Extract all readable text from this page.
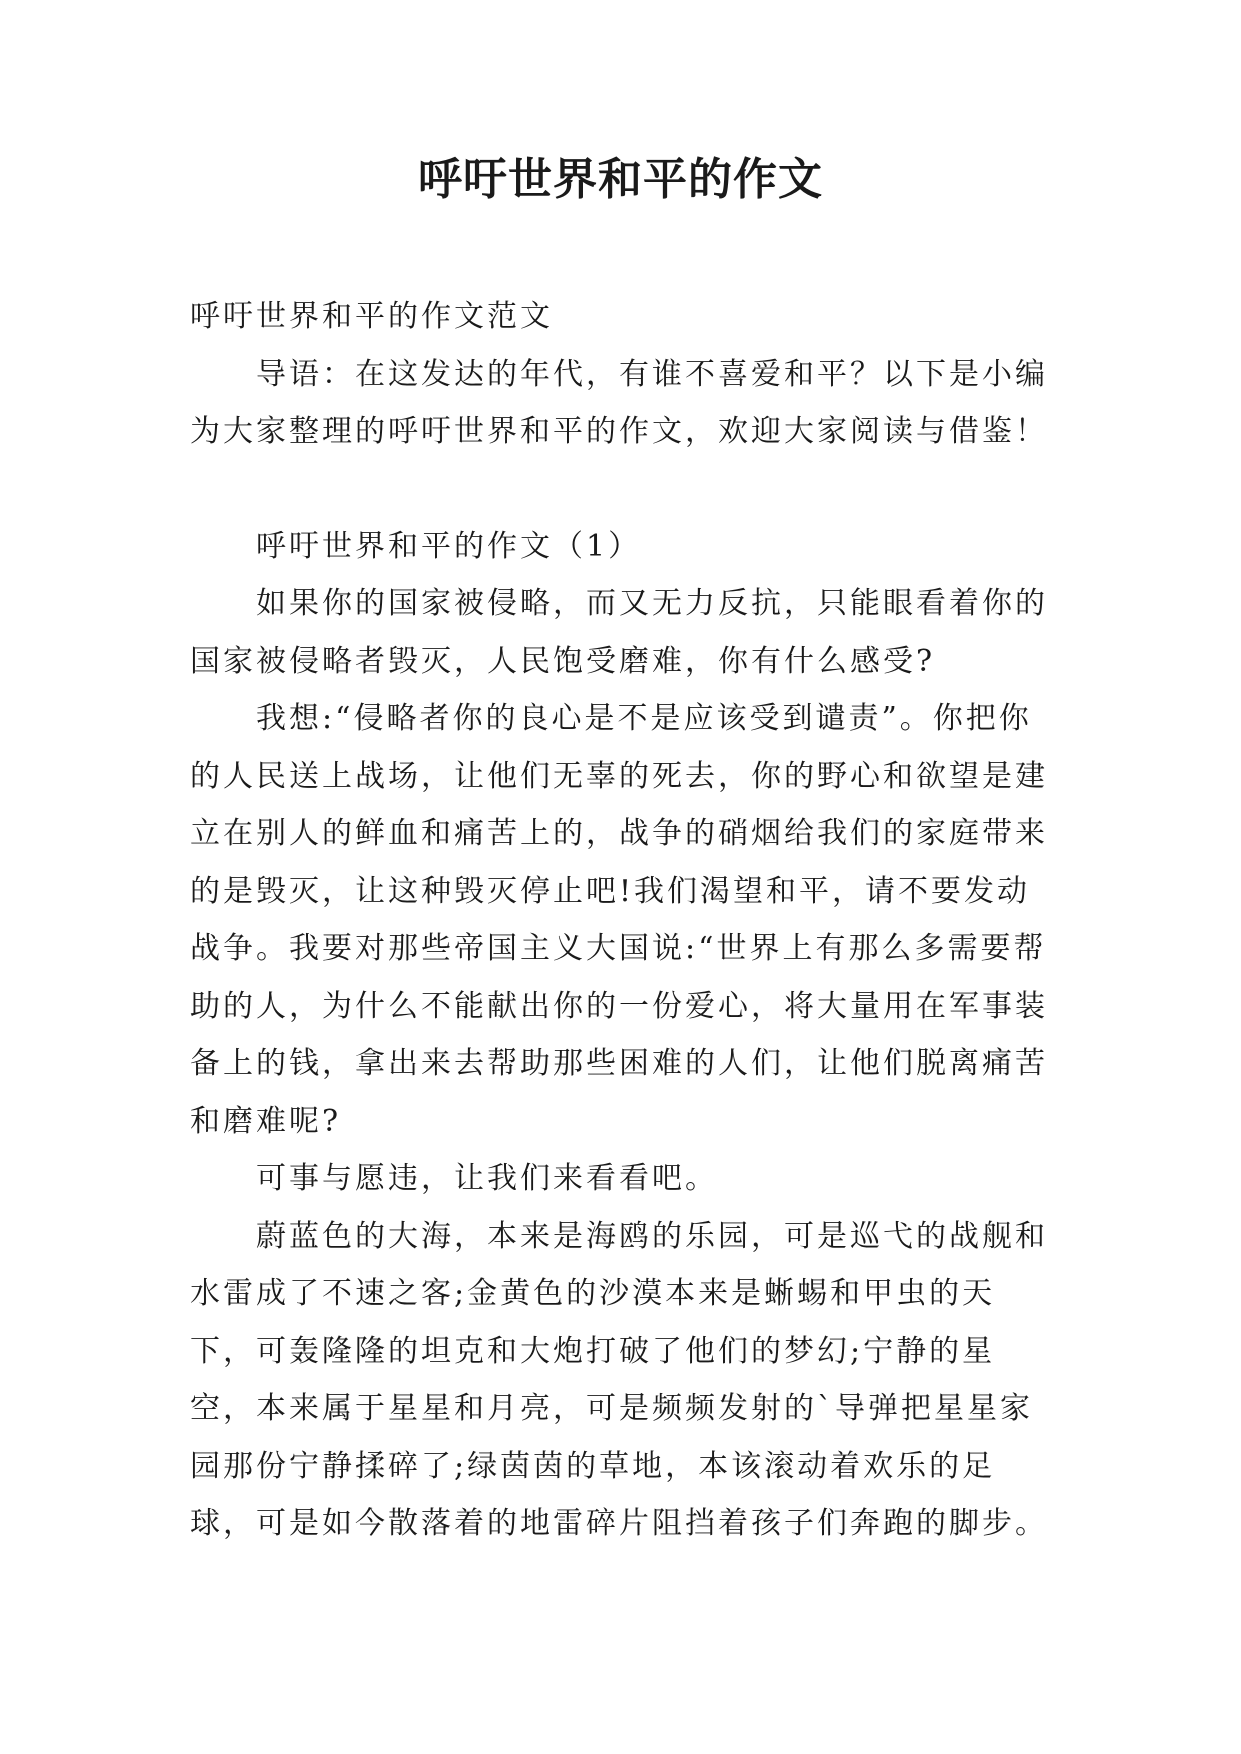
呼吁世界和平的作文

呼吁世界和平的作文范文

导语：在这发达的年代，有谁不喜爱和平？以下是小编为大家整理的呼吁世界和平的作文，欢迎大家阅读与借鉴！

呼吁世界和平的作文（1）

如果你的国家被侵略，而又无力反抗，只能眼看着你的国家被侵略者毁灭，人民饱受磨难，你有什么感受?

我想:“侵略者你的良心是不是应该受到谴责”。你把你的人民送上战场，让他们无辜的死去，你的野心和欲望是建立在别人的鲜血和痛苦上的，战争的硝烟给我们的家庭带来的是毁灭，让这种毁灭停止吧!我们渴望和平，请不要发动战争。我要对那些帝国主义大国说:“世界上有那么多需要帮助的人，为什么不能献出你的一份爱心，将大量用在军事装备上的钱，拿出来去帮助那些困难的人们，让他们脱离痛苦和磨难呢?

可事与愿违，让我们来看看吧。

蔚蓝色的大海，本来是海鸥的乐园，可是巡弋的战舰和水雷成了不速之客;金黄色的沙漠本来是蜥蜴和甲虫的天下，可轰隆隆的坦克和大炮打破了他们的梦幻;宁静的星空，本来属于星星和月亮，可是频频发射的`导弹把星星家园那份宁静揉碎了;绿茵茵的草地，本该滚动着欢乐的足球，可是如今散落着的地雷碎片阻挡着孩子们奔跑的脚步。
